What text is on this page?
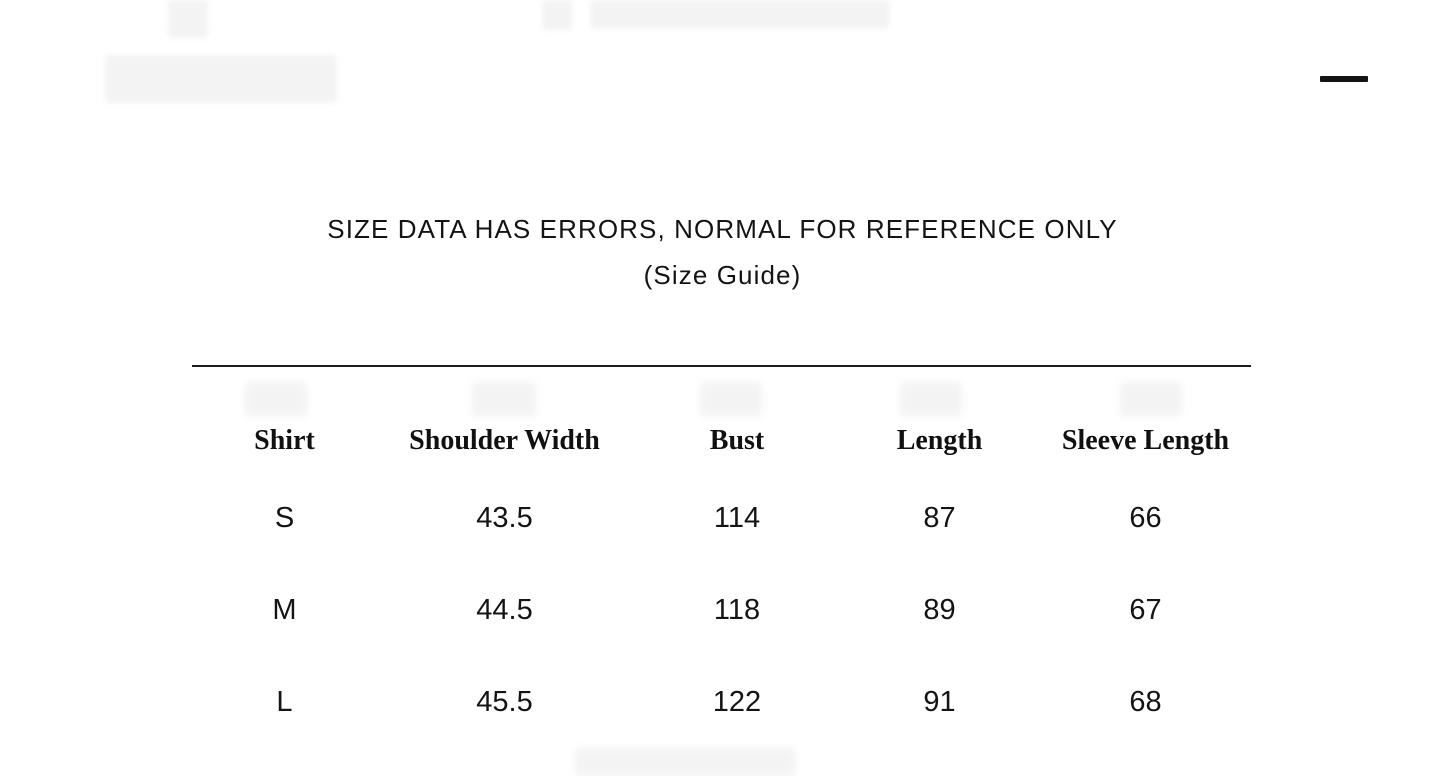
SIZE DATA HAS ERRORS, NORMAL FOR REFERENCE ONLY
(Size Guide)
Shirt	Shoulder Width	Bust	Length	Sleeve Length
S	43.5	114	87	66
M	44.5	118	89	67
L	45.5	122	91	68
